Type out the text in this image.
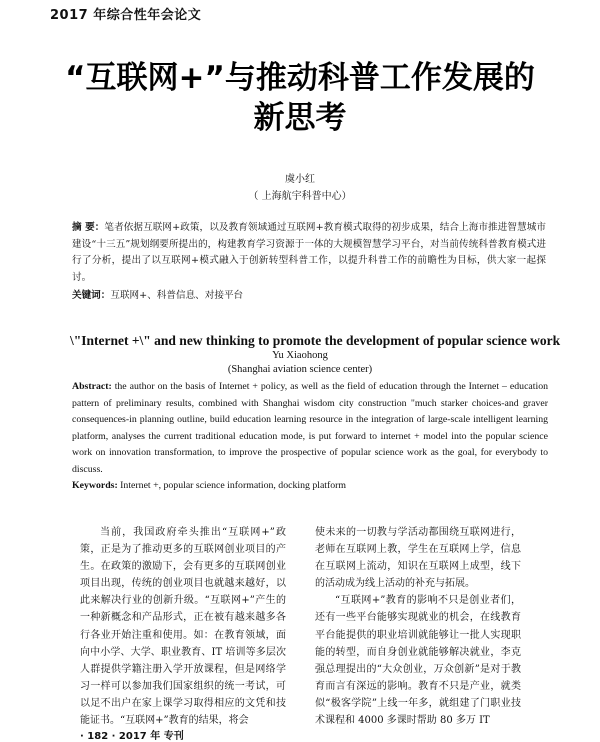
2017 年综合性年会论文
“互联网+”与推动科普工作发展的
新思考
虞小红
（ 上海航宇科普中心）
摘 要：笔者依据互联网+政策，以及教育领域通过互联网+教育模式取得的初步成果，结合上海市推进智慧城市建设“十三五”规划纲要所提出的，构建教育学习资源于一体的大规模智慧学习平台，对当前传统科普教育模式进行了分析，提出了以互联网+模式融入于创新转型科普工作，以提升科普工作的前瞻性为目标，供大家一起探讨。
关键词：互联网+、科普信息、对接平台
\"Internet +\" and new thinking to promote the development of popular science work
Yu Xiaohong
(Shanghai aviation science center)
Abstract: the author on the basis of Internet + policy, as well as the field of education through the Internet – education pattern of preliminary results, combined with Shanghai wisdom city construction "much starker choices-and graver consequences-in planning outline, build education learning resource in the integration of large-scale intelligent learning platform, analyses the current traditional education mode, is put forward to internet + model into the popular science work on innovation transformation, to improve the prospective of popular science work as the goal, for everybody to discuss.
Keywords: Internet +, popular science information, docking platform
当前，我国政府牵头推出“互联网+”政策，正是为了推动更多的互联网创业项目的产生。在政策的激励下，会有更多的互联网创业项目出现，传统的创业项目也就越来越好，以此来解决行业的创新升级。“互联网+”产生的一种新概念和产品形式，正在被有越来越多各行各业开始注重和使用。如：在教育领域，面向中小学、大学、职业教育、IT 培训等多层次人群提供学籍注册入学开放课程，但是网络学习一样可以参加我们国家组织的统一考试，可以足不出户在家上课学习取得相应的文凭和技能证书。“互联网+”教育的结果，将会
使未来的一切教与学活动都围绕互联网进行，老师在互联网上教，学生在互联网上学，信息在互联网上流动，知识在互联网上成型，线下的活动成为线上活动的补充与拓展。
“互联网+”教育的影响不只是创业者们，还有一些平台能够实现就业的机会，在线教育平台能提供的职业培训就能够让一批人实现职能的转型，而自身创业就能够解决就业，李克强总理提出的“大众创业，万众创新”是对于教育而言有深远的影响。教育不只是产业，就类似“极客学院”上线一年多，就组建了门职业技术课程和 4000 多课时帮助 80 多万 IT
· 182 · 2017 年 专刊
